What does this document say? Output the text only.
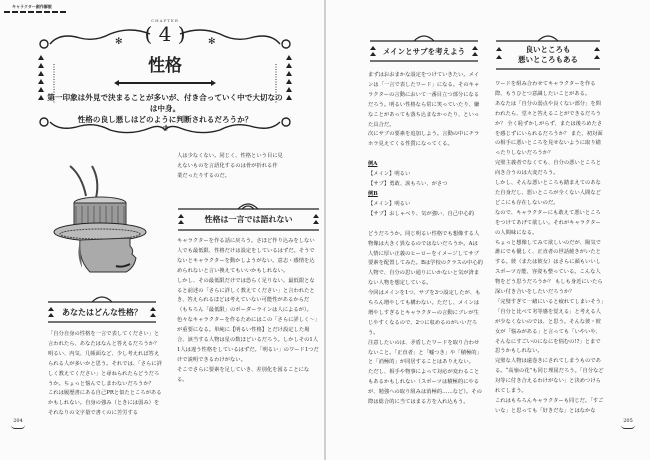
キャラクター創作解説
✻	✻
⚜
CHAPTER
( 4 )
性格
第一印象は外見で決まることが多いが、付き合っていく中で大切なのは中身。
性格の良し悪しはどのように判断されるだろうか？

人は少なくない。同じく、性格という目に見

えないものを言語化するのは骨が折れる作

業だったりするのだ。

性格は一言では語れない

キャラクターを作る話に戻ろう。さほど作り込みをしない人でも最低限、性格だけは設定をしているはずだ。そうでないとキャラクターを動かしようがない。意志・感情を込められないと言い換えてもいいかもしれない。

しかし、その最低限だけでは恐らく足りない。最低限となると前述の「さらに詳しく教えてください」と言われたとき、答えられるほどは考えていない可能性があるからだ（もちろん「最低限」のボーダーラインは人によるが）。

色々なキャラクターを作るためにはこの「さらに詳しく〜」が重要になる。単純に【明るい性格】とだけ設定した場合、該当する人物は星の数ほどいるだろう。しかしその1人1人は違う性格をしているはずだ。「明るい」のワード1つだけで説明できるわけがない。

そこでさらに要素を足していき、差別化を図ることになる。

あなたはどんな性格？

「自分自身の性格を一言で表してください」と言われたら、あなたはなんと答えるだろうか？ 明るい、内気、几帳面など、少し考えれば答えられる人が多いかと思う。それでは、「さらに詳しく教えてください」と尋ねられたらどうだろうか。ちょっと悩んでしまわないだろうか？

これは履歴書にある自己PRと似たところがあるかもしれない。自身の強み（ときには弱み）をそれなりの文字量で書くのに苦労する

204
メインとサブを考えよう

まずはおおまかな設定をつけていきたい。メインは「一言で表したワード」になる。そのキャラクターの言動において一番目立つ部分になるだろう。明るい性格なら常に笑っていたり、嫌なことがあっても落ち込まなかったり、といった具合だ。

次にサブの要素を追加しよう。言動の中にチラホラ見えてくる性質になってくる。

例A

【メイン】明るい

【サブ】勇敢、涙もろい、がさつ

例B

【メイン】明るい

【サブ】おしゃべり、気が強い、自己中心的

どうだろうか。同じ明るい性格でも想像する人物像は大きく異なるのではないだろうか。Aは人情に厚い正義のヒーローをイメージしてサブ要素を配置してみた。Bは学校のクラスの中心的人物で、自分の思い通りにいかないと気が済まない人物を想定している。

今回はメインを1つ、サブを3つ設定したが、もちろん増やしても構わない。ただし、メインは増やしすぎるとキャラクターの言動にブレが生じやすくなるので、2つに収めるのがいいだろう。

注意したいのは、矛盾したワードを取り合わせないこと。「正直者」と「嘘つき」や「積極的」と「消極的」が同居することはありえない。

ただし、相手や物事によって対応が変わることもあるかもしれない（スポーツは積極的にやるが、勉強への取り組みは消極的……など）。その際は総合的に当てはまる方を入れ込もう。

良いところも
悪いところもある

ワードを組み合わせてキャラクターを作る際、もうひとつ意識したいことがある。

あなたは「自分の弱点や良くない部分」を問われたら、堂々と答えることができるだろうか？ 全く恥ずかしがらず、または後ろめたさを感じずにいられるだろうか？ また、初対面の相手に悪いところを見せないように取り繕ったりしないだろうか？

完璧主義者でなくても、自分の悪いところと向き合うのは大変だろう。

しかし、そんな悪いところも踏まえてのあなた自身だし、悪いところが全くない人間などどこにも存在しないのだ。

なので、キャラクターにも敢えて悪いところをつけてあげて欲しい。それがキャラクターの人間味になる。

ちょっと想像してみて欲しいのだが、陽気で誰にでも優しく、正直者の世話焼きがいたとする。彼（または彼女）はさらに顔もいいしスポーツ万能、容姿も整っている。こんな人物をどう思うだろうか？ もしも身近にいたら深い付き合いをしたいだろうか？

「完璧すぎて一緒にいると疲れてしまいそう」「自分と比べて劣等感を覚える」と考える人が少なくないのでは、と思う。そんな彼・彼女が「悩みがある」と言っても「いやいや、そんなにすごいのになにを悩むの!?」とまで思うかもしれない。

完璧な人物は遠巻きにされてしまうものである。“高嶺の花”も同じ理屈だろう。「自分など対等に付き合えるわけがない」と決めつけられてしまう。

これはもちろんキャラクターも同じだ。「すごいな」と思っても「好きだな」とはなかな

205
